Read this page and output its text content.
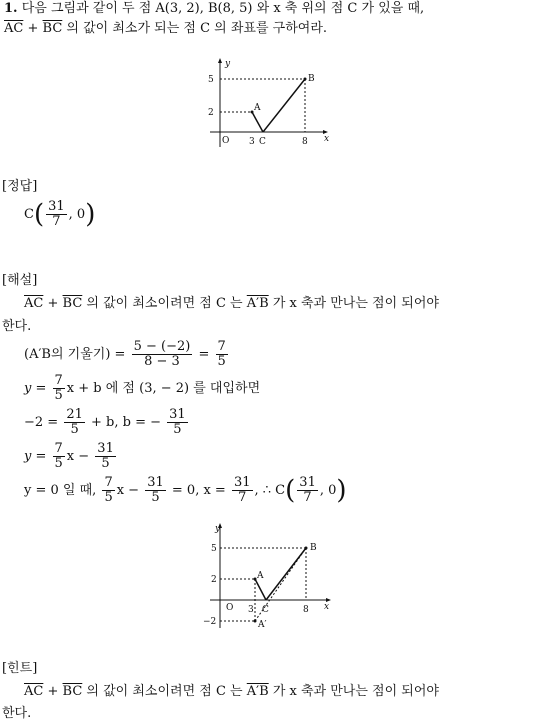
1. 다음 그림과 같이 두 점 A(3, 2), B(8, 5) 와 x 축 위의 점 C 가 있을 때,
$\overline{AC} + \overline{BC}$ 의 값이 최소가 되는 점 C 의 좌표를 구하여라.
y
x
O
5
2
3	8
A
B
C
[정답]
$C( \frac{31}{7}$ , 0)
[해설]
$\overline{AC} + \overline{BC}$ 의 값이 최소이려면 점 C 는 A′B 가 x 축과 만나는 점이 되어야
한다.
(A′B의 기울기) = $\frac{5 - (-2)}{8 - 3} = \frac{7}{5}$
$y = \frac{7}{5}$ x + b 에 점 (3, − 2) 를 대입하면
$-2 = \frac{21}{5} + b$, b = − $\frac{31}{5}$
$y = \frac{7}{5}$ $x - \frac{31}{5}$
y = 0 일 때, $\frac{7}{5}$ $x - \frac{31}{5} = 0$, $x = \frac{31}{7}$ , ∴ $C( \frac{31}{7}$ , 0)
y
x
O
5
2
−2
3	8
A
B
C
A′
[힌트]
$\overline{AC} + \overline{BC}$ 의 값이 최소이려면 점 C 는 A′B 가 x 축과 만나는 점이 되어야
한다.
